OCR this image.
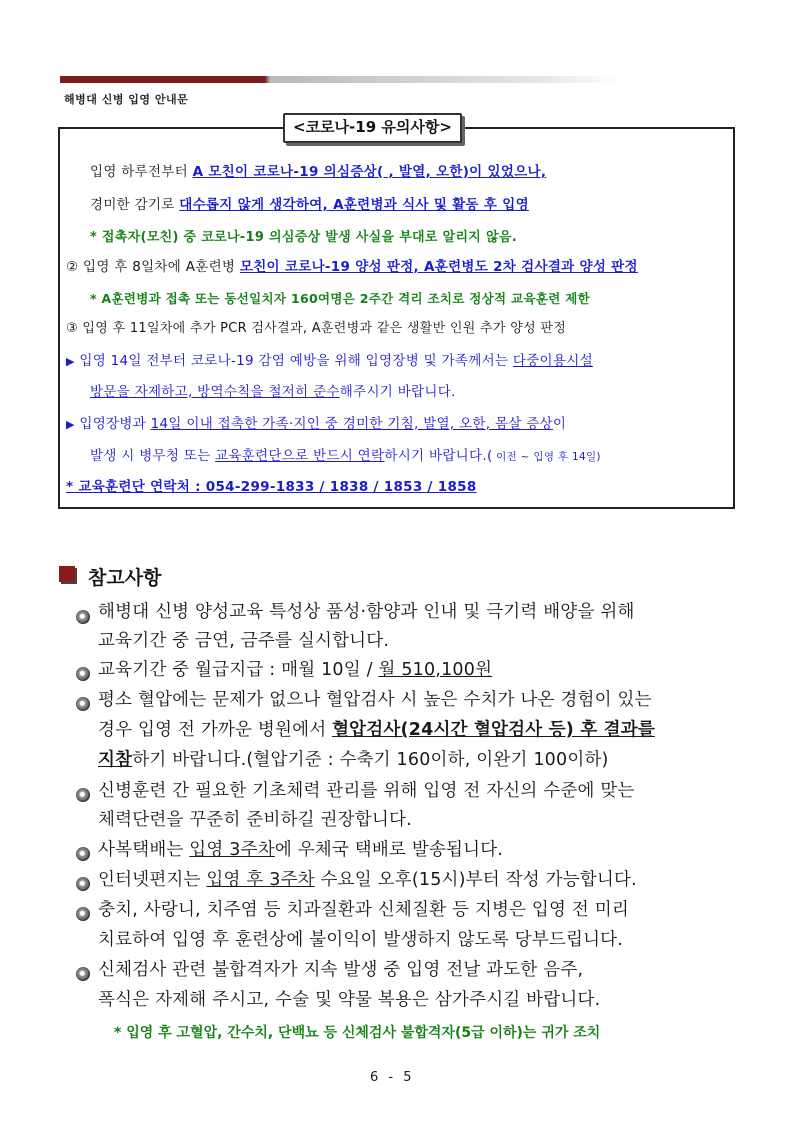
해병대 신병 입영 안내문
<코로나-19 유의사항>
입영 하루전부터 A 모친이 코로나-19 의심증상( , 발열, 오한)이 있었으나,
경미한 감기로 대수롭지 않게 생각하여, A훈련병과 식사 및 활동 후 입영
* 접촉자(모친) 중 코로나-19 의심증상 발생 사실을 부대로 알리지 않음.
② 입영 후 8일차에 A훈련병 모친이 코로나-19 양성 판정, A훈련병도 2차 검사결과 양성 판정
* A훈련병과 접촉 또는 동선일치자 160여명은 2주간 격리 조치로 정상적 교육훈련 제한
③ 입영 후 11일차에 추가 PCR 검사결과, A훈련병과 같은 생활반 인원 추가 양성 판정
▶ 입영 14일 전부터 코로나-19 감염 예방을 위해 입영장병 및 가족께서는 다중이용시설
방문을 자제하고, 방역수칙을 철저히 준수해주시기 바랍니다.
▶ 입영장병과 14일 이내 접촉한 가족·지인 중 경미한 기침, 발열, 오한, 몸살 증상이
발생 시 병무청 또는 교육훈련단으로 반드시 연락하시기 바랍니다.( 이전 ~ 입영 후 14일)
* 교육훈련단 연락처 : 054-299-1833 / 1838 / 1853 / 1858
참고사항
해병대 신병 양성교육 특성상 품성·함양과 인내 및 극기력 배양을 위해
교육기간 중 금연, 금주를 실시합니다.
교육기간 중 월급지급 : 매월 10일 / 월 510,100원
평소 혈압에는 문제가 없으나 혈압검사 시 높은 수치가 나온 경험이 있는
경우 입영 전 가까운 병원에서 혈압검사(24시간 혈압검사 등) 후 결과를
지참하기 바랍니다.(혈압기준 : 수축기 160이하, 이완기 100이하)
신병훈련 간 필요한 기초체력 관리를 위해 입영 전 자신의 수준에 맞는
체력단련을 꾸준히 준비하길 권장합니다.
사복택배는 입영 3주차에 우체국 택배로 발송됩니다.
인터넷편지는 입영 후 3주차 수요일 오후(15시)부터 작성 가능합니다.
충치, 사랑니, 치주염 등 치과질환과 신체질환 등 지병은 입영 전 미리
치료하여 입영 후 훈련상에 불이익이 발생하지 않도록 당부드립니다.
신체검사 관련 불합격자가 지속 발생 중 입영 전날 과도한 음주,
폭식은 자제해 주시고, 수술 및 약물 복용은 삼가주시길 바랍니다.
* 입영 후 고혈압, 간수치, 단백뇨 등 신체검사 불합격자(5급 이하)는 귀가 조치
6 - 5
